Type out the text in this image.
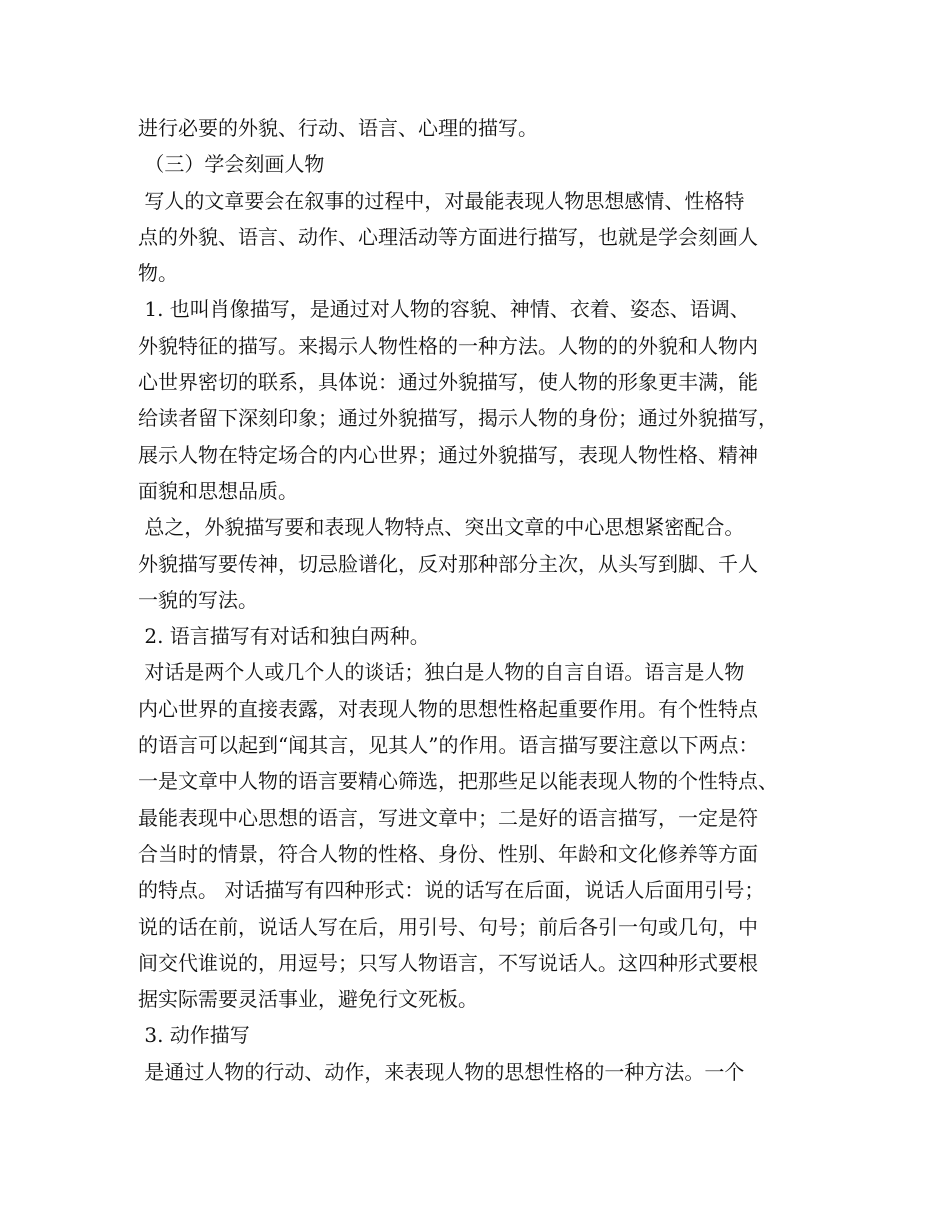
进行必要的外貌、行动、语言、心理的描写。
（三）学会刻画人物
写人的文章要会在叙事的过程中，对最能表现人物思想感情、性格特
点的外貌、语言、动作、心理活动等方面进行描写，也就是学会刻画人
物。
1. 也叫肖像描写，是通过对人物的容貌、神情、衣着、姿态、语调、
外貌特征的描写。来揭示人物性格的一种方法。人物的的外貌和人物内
心世界密切的联系，具体说：通过外貌描写，使人物的形象更丰满，能
给读者留下深刻印象；通过外貌描写，揭示人物的身份；通过外貌描写，
展示人物在特定场合的内心世界；通过外貌描写，表现人物性格、精神
面貌和思想品质。
总之，外貌描写要和表现人物特点、突出文章的中心思想紧密配合。
外貌描写要传神，切忌脸谱化，反对那种部分主次，从头写到脚、千人
一貌的写法。
2. 语言描写有对话和独白两种。
对话是两个人或几个人的谈话；独白是人物的自言自语。语言是人物
内心世界的直接表露，对表现人物的思想性格起重要作用。有个性特点
的语言可以起到“闻其言，见其人”的作用。语言描写要注意以下两点：
一是文章中人物的语言要精心筛选，把那些足以能表现人物的个性特点、
最能表现中心思想的语言，写进文章中；二是好的语言描写，一定是符
合当时的情景，符合人物的性格、身份、性别、年龄和文化修养等方面
的特点。 对话描写有四种形式：说的话写在后面，说话人后面用引号；
说的话在前，说话人写在后，用引号、句号；前后各引一句或几句，中
间交代谁说的，用逗号；只写人物语言，不写说话人。这四种形式要根
据实际需要灵活事业，避免行文死板。
3. 动作描写
是通过人物的行动、动作，来表现人物的思想性格的一种方法。一个
